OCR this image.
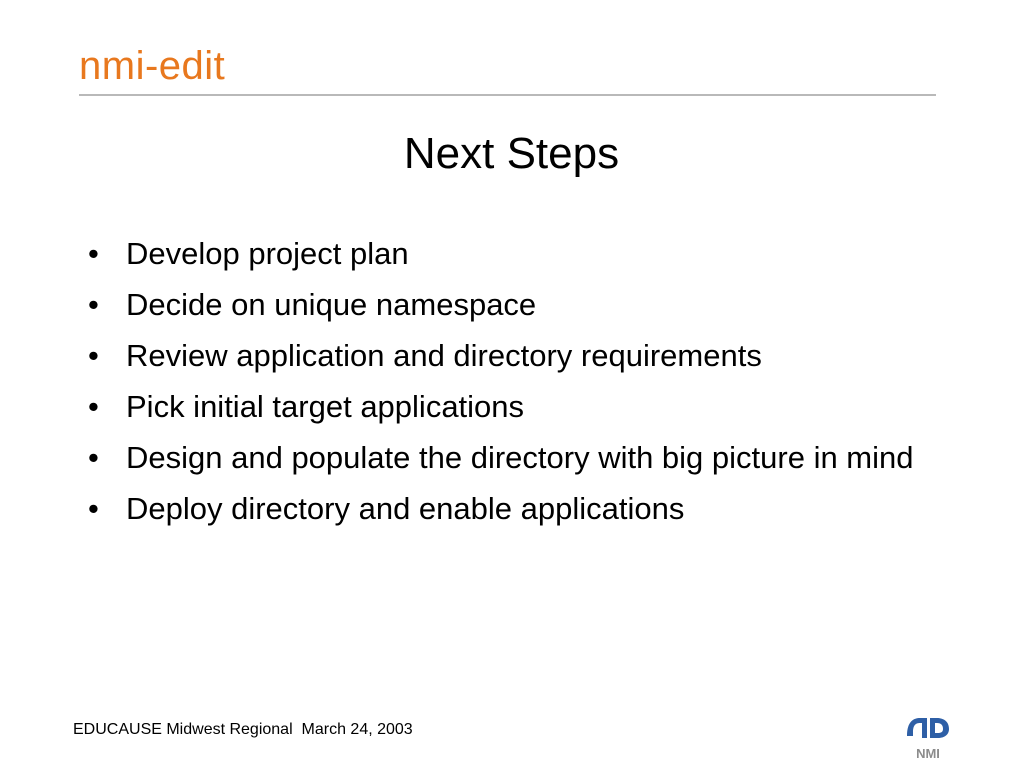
nmi-edit
Next Steps
• Develop project plan
• Decide on unique namespace
• Review application and directory requirements
• Pick initial target applications
• Design and populate the directory with big picture in mind
• Deploy directory and enable applications
EDUCAUSE Midwest Regional  March 24, 2003
NMI
